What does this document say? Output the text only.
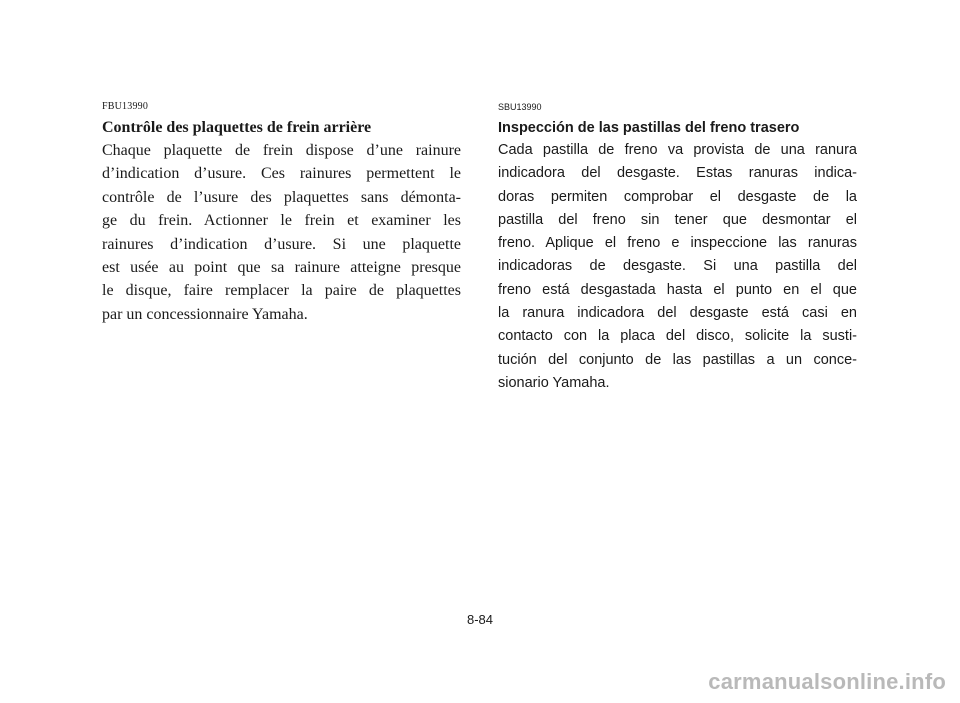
FBU13990
Contrôle des plaquettes de frein arrière
Chaque plaquette de frein dispose d’une rainure
d’indication d’usure. Ces rainures permettent le
contrôle de l’usure des plaquettes sans démonta-
ge du frein. Actionner le frein et examiner les
rainures d’indication d’usure. Si une plaquette
est usée au point que sa rainure atteigne presque
le disque, faire remplacer la paire de plaquettes
par un concessionnaire Yamaha.
SBU13990
Inspección de las pastillas del freno trasero
Cada pastilla de freno va provista de una ranura
indicadora del desgaste. Estas ranuras indica-
doras permiten comprobar el desgaste de la
pastilla del freno sin tener que desmontar el
freno. Aplique el freno e inspeccione las ranuras
indicadoras de desgaste. Si una pastilla del
freno está desgastada hasta el punto en el que
la ranura indicadora del desgaste está casi en
contacto con la placa del disco, solicite la susti-
tución del conjunto de las pastillas a un conce-
sionario Yamaha.
8-84
carmanualsonline.info
